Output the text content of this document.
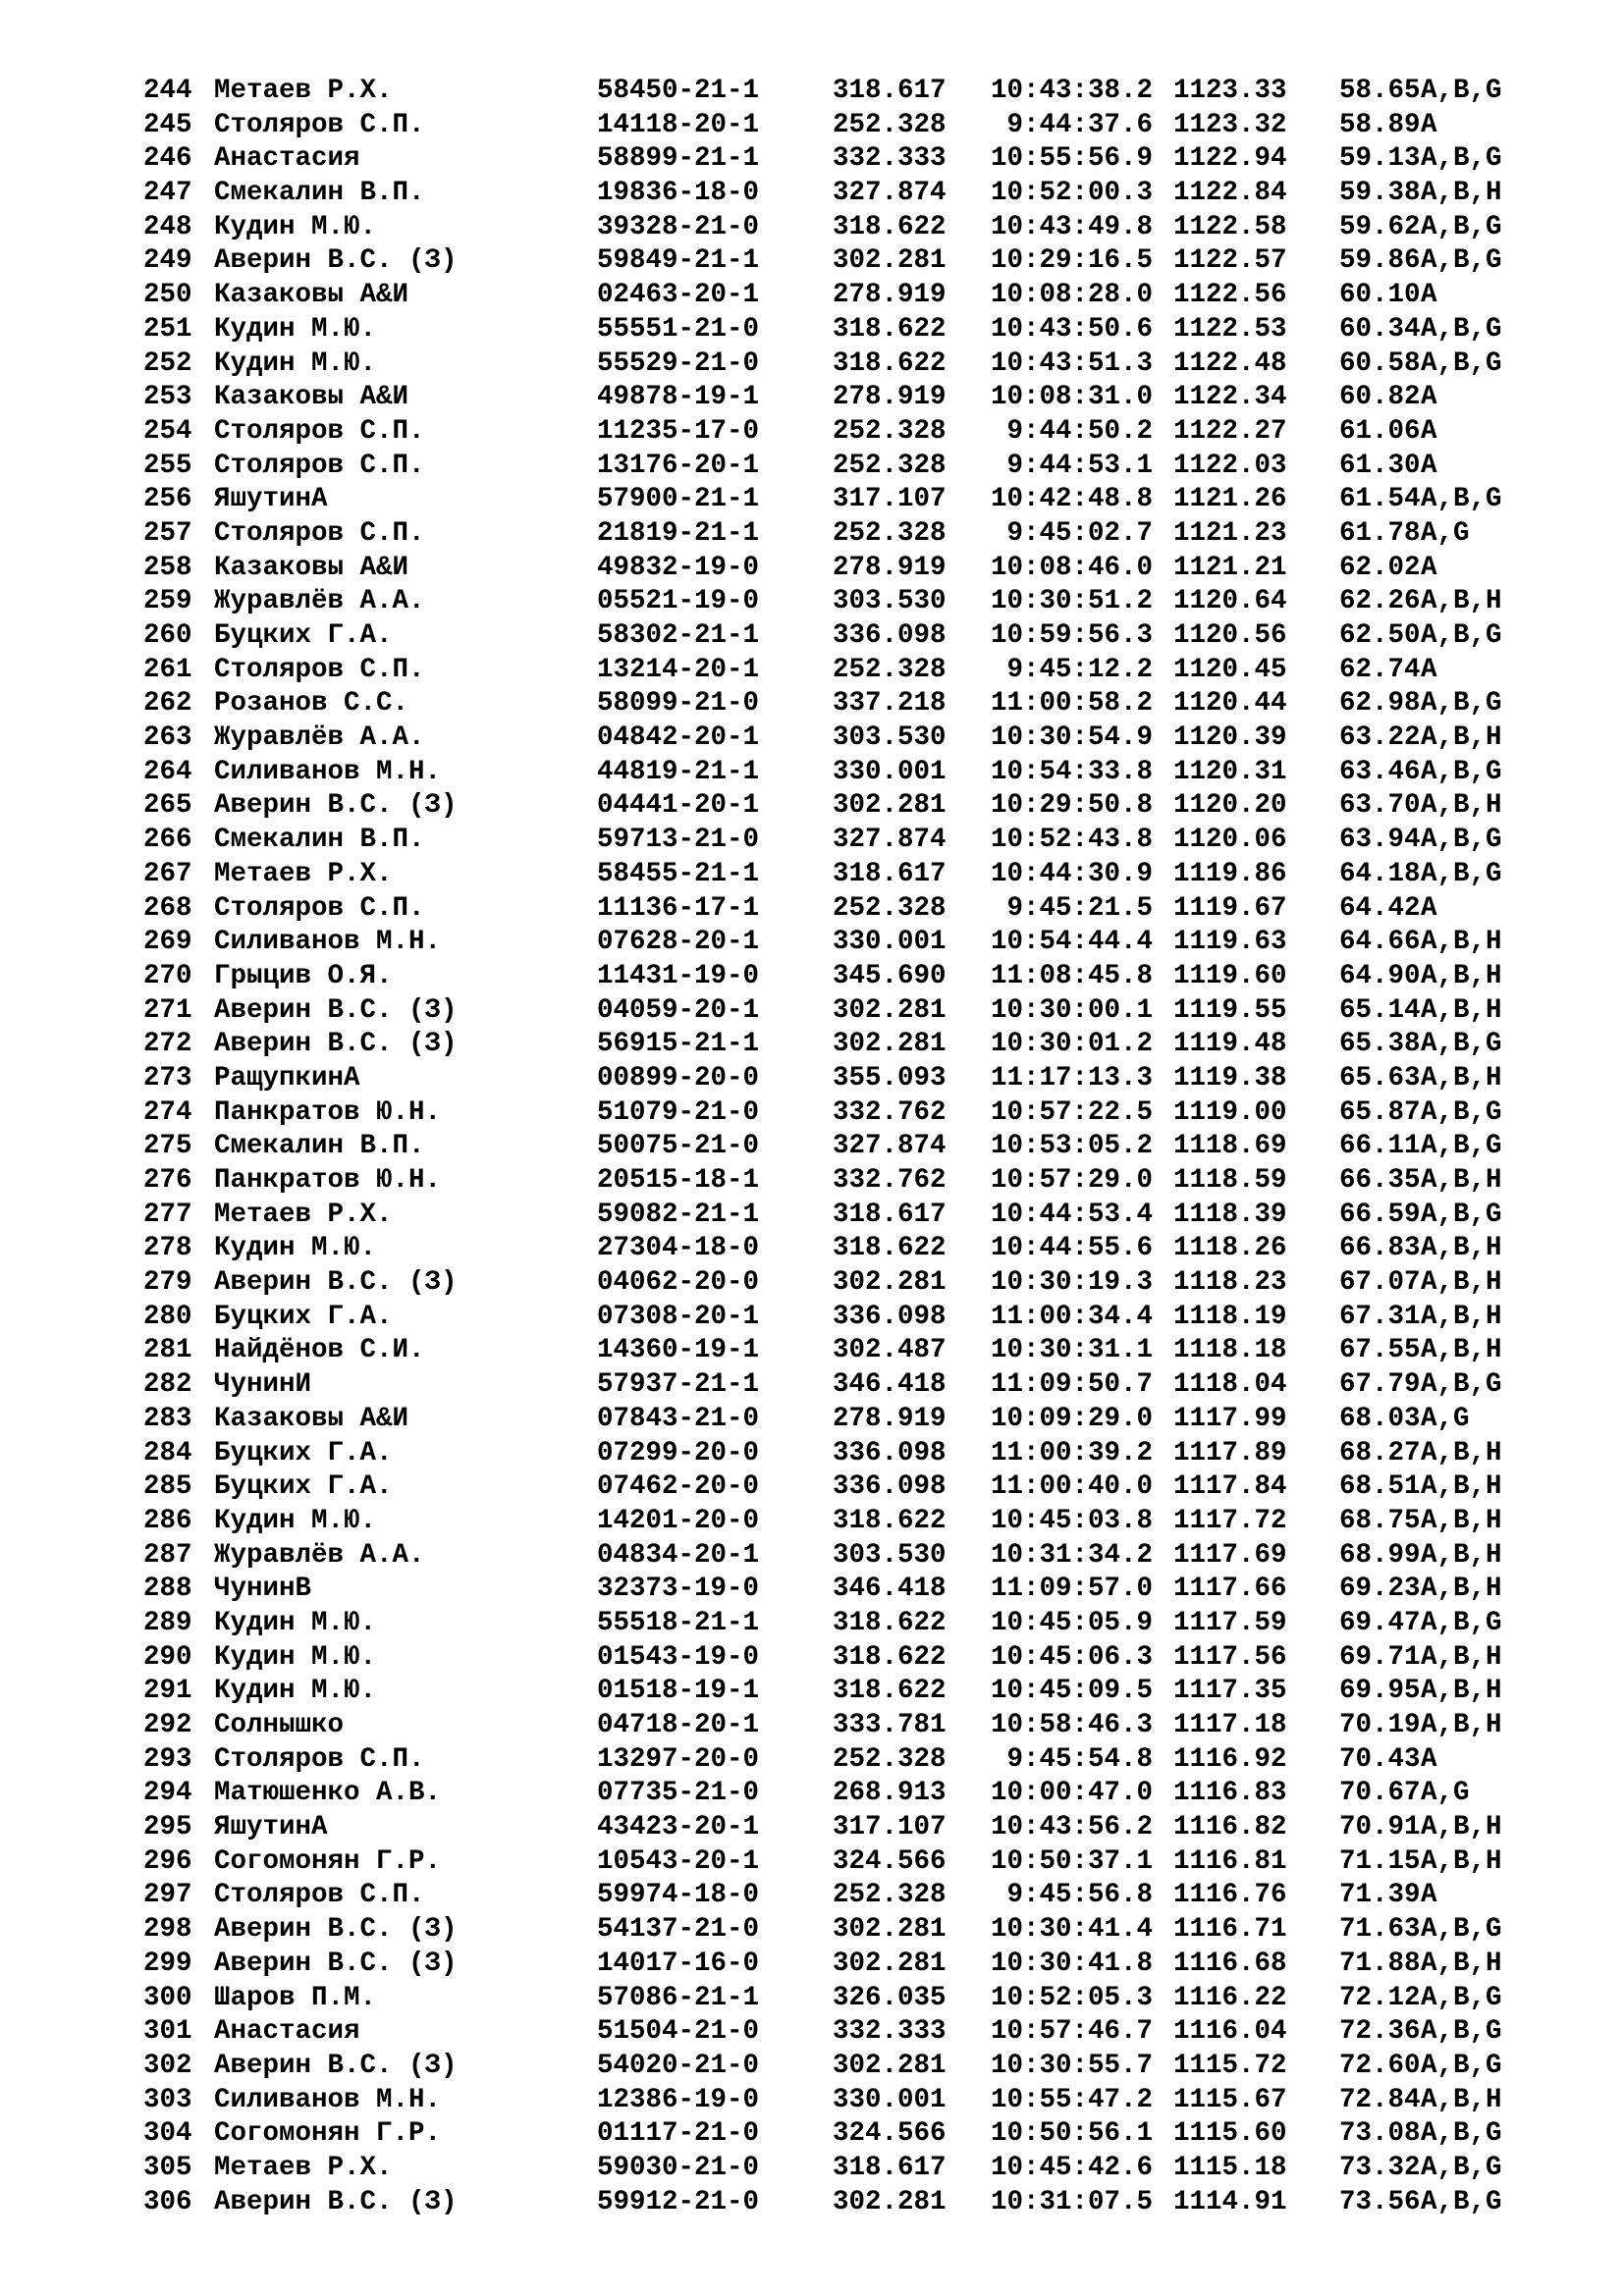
244 Метаев Р.Х.	58450-21-1	318.617	10:43:38.2 1123.33 58.65 A,B,G
245 Столяров С.П.	14118-20-1	252.328	9:44:37.6 1123.32 58.89 A
246 Анастасия	58899-21-1	332.333	10:55:56.9 1122.94 59.13 A,B,G
247 Смекалин В.П.	19836-18-0	327.874	10:52:00.3 1122.84 59.38 A,B,H
248 Кудин М.Ю.	39328-21-0	318.622	10:43:49.8 1122.58 59.62 A,B,G
249 Аверин В.С. (З)	59849-21-1	302.281	10:29:16.5 1122.57 59.86 A,B,G
250 Казаковы А&И	02463-20-1	278.919	10:08:28.0 1122.56 60.10 A
251 Кудин М.Ю.	55551-21-0	318.622	10:43:50.6 1122.53 60.34 A,B,G
252 Кудин М.Ю.	55529-21-0	318.622	10:43:51.3 1122.48 60.58 A,B,G
253 Казаковы А&И	49878-19-1	278.919	10:08:31.0 1122.34 60.82 A
254 Столяров С.П.	11235-17-0	252.328	9:44:50.2 1122.27 61.06 A
255 Столяров С.П.	13176-20-1	252.328	9:44:53.1 1122.03 61.30 A
256 ЯшутинА	57900-21-1	317.107	10:42:48.8 1121.26 61.54 A,B,G
257 Столяров С.П.	21819-21-1	252.328	9:45:02.7 1121.23 61.78 A,G
258 Казаковы А&И	49832-19-0	278.919	10:08:46.0 1121.21 62.02 A
259 Журавлёв А.А.	05521-19-0	303.530	10:30:51.2 1120.64 62.26 A,B,H
260 Буцких Г.А.	58302-21-1	336.098	10:59:56.3 1120.56 62.50 A,B,G
261 Столяров С.П.	13214-20-1	252.328	9:45:12.2 1120.45 62.74 A
262 Розанов С.С.	58099-21-0	337.218	11:00:58.2 1120.44 62.98 A,B,G
263 Журавлёв А.А.	04842-20-1	303.530	10:30:54.9 1120.39 63.22 A,B,H
264 Силиванов М.Н.	44819-21-1	330.001	10:54:33.8 1120.31 63.46 A,B,G
265 Аверин В.С. (З)	04441-20-1	302.281	10:29:50.8 1120.20 63.70 A,B,H
266 Смекалин В.П.	59713-21-0	327.874	10:52:43.8 1120.06 63.94 A,B,G
267 Метаев Р.Х.	58455-21-1	318.617	10:44:30.9 1119.86 64.18 A,B,G
268 Столяров С.П.	11136-17-1	252.328	9:45:21.5 1119.67 64.42 A
269 Силиванов М.Н.	07628-20-1	330.001	10:54:44.4 1119.63 64.66 A,B,H
270 Грыцив О.Я.	11431-19-0	345.690	11:08:45.8 1119.60 64.90 A,B,H
271 Аверин В.С. (З)	04059-20-1	302.281	10:30:00.1 1119.55 65.14 A,B,H
272 Аверин В.С. (З)	56915-21-1	302.281	10:30:01.2 1119.48 65.38 A,B,G
273 РащупкинА	00899-20-0	355.093	11:17:13.3 1119.38 65.63 A,B,H
274 Панкратов Ю.Н.	51079-21-0	332.762	10:57:22.5 1119.00 65.87 A,B,G
275 Смекалин В.П.	50075-21-0	327.874	10:53:05.2 1118.69 66.11 A,B,G
276 Панкратов Ю.Н.	20515-18-1	332.762	10:57:29.0 1118.59 66.35 A,B,H
277 Метаев Р.Х.	59082-21-1	318.617	10:44:53.4 1118.39 66.59 A,B,G
278 Кудин М.Ю.	27304-18-0	318.622	10:44:55.6 1118.26 66.83 A,B,H
279 Аверин В.С. (З)	04062-20-0	302.281	10:30:19.3 1118.23 67.07 A,B,H
280 Буцких Г.А.	07308-20-1	336.098	11:00:34.4 1118.19 67.31 A,B,H
281 Найдёнов С.И.	14360-19-1	302.487	10:30:31.1 1118.18 67.55 A,B,H
282 ЧунинИ	57937-21-1	346.418	11:09:50.7 1118.04 67.79 A,B,G
283 Казаковы А&И	07843-21-0	278.919	10:09:29.0 1117.99 68.03 A,G
284 Буцких Г.А.	07299-20-0	336.098	11:00:39.2 1117.89 68.27 A,B,H
285 Буцких Г.А.	07462-20-0	336.098	11:00:40.0 1117.84 68.51 A,B,H
286 Кудин М.Ю.	14201-20-0	318.622	10:45:03.8 1117.72 68.75 A,B,H
287 Журавлёв А.А.	04834-20-1	303.530	10:31:34.2 1117.69 68.99 A,B,H
288 ЧунинВ	32373-19-0	346.418	11:09:57.0 1117.66 69.23 A,B,H
289 Кудин М.Ю.	55518-21-1	318.622	10:45:05.9 1117.59 69.47 A,B,G
290 Кудин М.Ю.	01543-19-0	318.622	10:45:06.3 1117.56 69.71 A,B,H
291 Кудин М.Ю.	01518-19-1	318.622	10:45:09.5 1117.35 69.95 A,B,H
292 Солнышко	04718-20-1	333.781	10:58:46.3 1117.18 70.19 A,B,H
293 Столяров С.П.	13297-20-0	252.328	9:45:54.8 1116.92 70.43 A
294 Матюшенко А.В.	07735-21-0	268.913	10:00:47.0 1116.83 70.67 A,G
295 ЯшутинА	43423-20-1	317.107	10:43:56.2 1116.82 70.91 A,B,H
296 Согомонян Г.Р.	10543-20-1	324.566	10:50:37.1 1116.81 71.15 A,B,H
297 Столяров С.П.	59974-18-0	252.328	9:45:56.8 1116.76 71.39 A
298 Аверин В.С. (З)	54137-21-0	302.281	10:30:41.4 1116.71 71.63 A,B,G
299 Аверин В.С. (З)	14017-16-0	302.281	10:30:41.8 1116.68 71.88 A,B,H
300 Шаров П.М.	57086-21-1	326.035	10:52:05.3 1116.22 72.12 A,B,G
301 Анастасия	51504-21-0	332.333	10:57:46.7 1116.04 72.36 A,B,G
302 Аверин В.С. (З)	54020-21-0	302.281	10:30:55.7 1115.72 72.60 A,B,G
303 Силиванов М.Н.	12386-19-0	330.001	10:55:47.2 1115.67 72.84 A,B,H
304 Согомонян Г.Р.	01117-21-0	324.566	10:50:56.1 1115.60 73.08 A,B,G
305 Метаев Р.Х.	59030-21-0	318.617	10:45:42.6 1115.18 73.32 A,B,G
306 Аверин В.С. (З)	59912-21-0	302.281	10:31:07.5 1114.91 73.56 A,B,G
